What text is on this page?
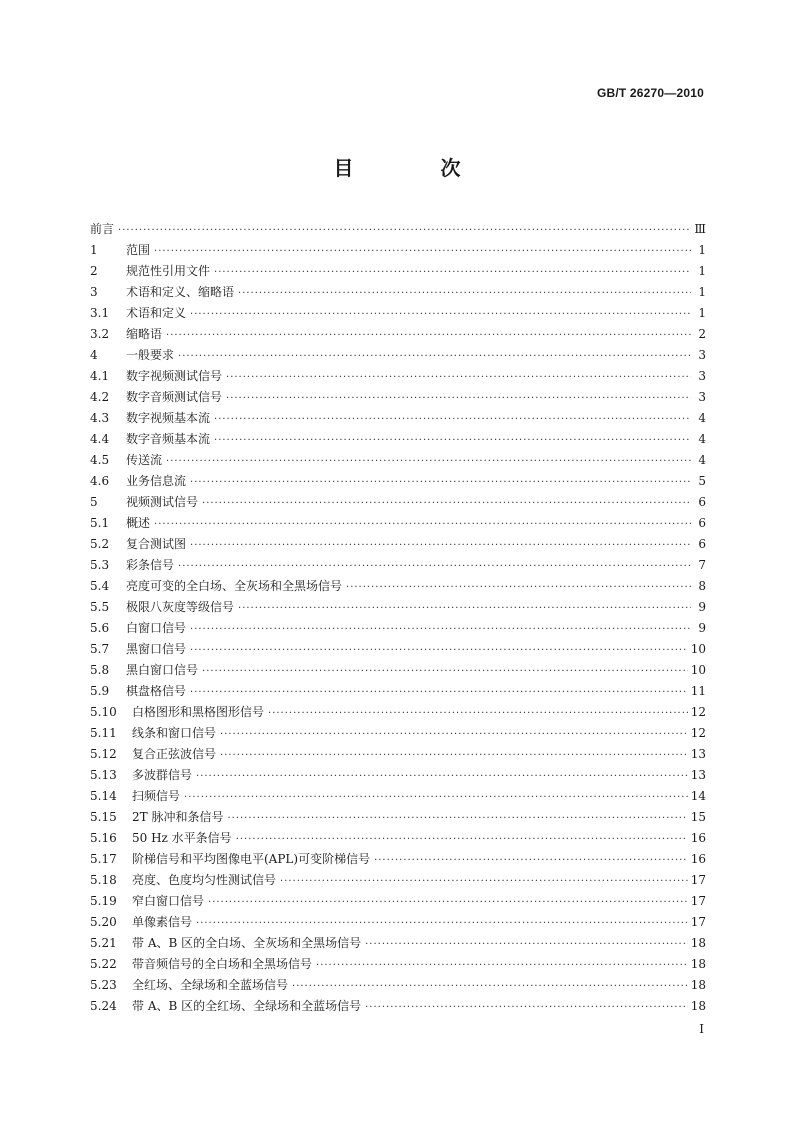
GB/T 26270—2010
目 次
前言 ·····	Ⅲ
1	范围 ·····	1
2	规范性引用文件 ·····	1
3	术语和定义、缩略语 ·····	1
3.1	术语和定义 ·····	1
3.2	缩略语 ·····	2
4	一般要求 ·····	3
4.1	数字视频测试信号 ·····	3
4.2	数字音频测试信号 ·····	3
4.3	数字视频基本流 ·····	4
4.4	数字音频基本流 ·····	4
4.5	传送流 ·····	4
4.6	业务信息流 ·····	5
5	视频测试信号 ·····	6
5.1	概述 ·····	6
5.2	复合测试图 ·····	6
5.3	彩条信号 ·····	7
5.4	亮度可变的全白场、全灰场和全黑场信号 ·····	8
5.5	极限八灰度等级信号 ·····	9
5.6	白窗口信号 ·····	9
5.7	黑窗口信号 ·····	10
5.8	黑白窗口信号 ·····	10
5.9	棋盘格信号 ·····	11
5.10	白格图形和黑格图形信号 ·····	12
5.11	线条和窗口信号 ·····	12
5.12	复合正弦波信号 ·····	13
5.13	多波群信号 ·····	13
5.14	扫频信号 ·····	14
5.15	2T 脉冲和条信号 ·····	15
5.16	50 Hz 水平条信号 ·····	16
5.17	阶梯信号和平均图像电平(APL)可变阶梯信号 ·····	16
5.18	亮度、色度均匀性测试信号 ·····	17
5.19	窄白窗口信号 ·····	17
5.20	单像素信号 ·····	17
5.21	带 A、B 区的全白场、全灰场和全黑场信号 ·····	18
5.22	带音频信号的全白场和全黑场信号 ·····	18
5.23	全红场、全绿场和全蓝场信号 ·····	18
5.24	带 A、B 区的全红场、全绿场和全蓝场信号 ·····	18
Ⅰ
